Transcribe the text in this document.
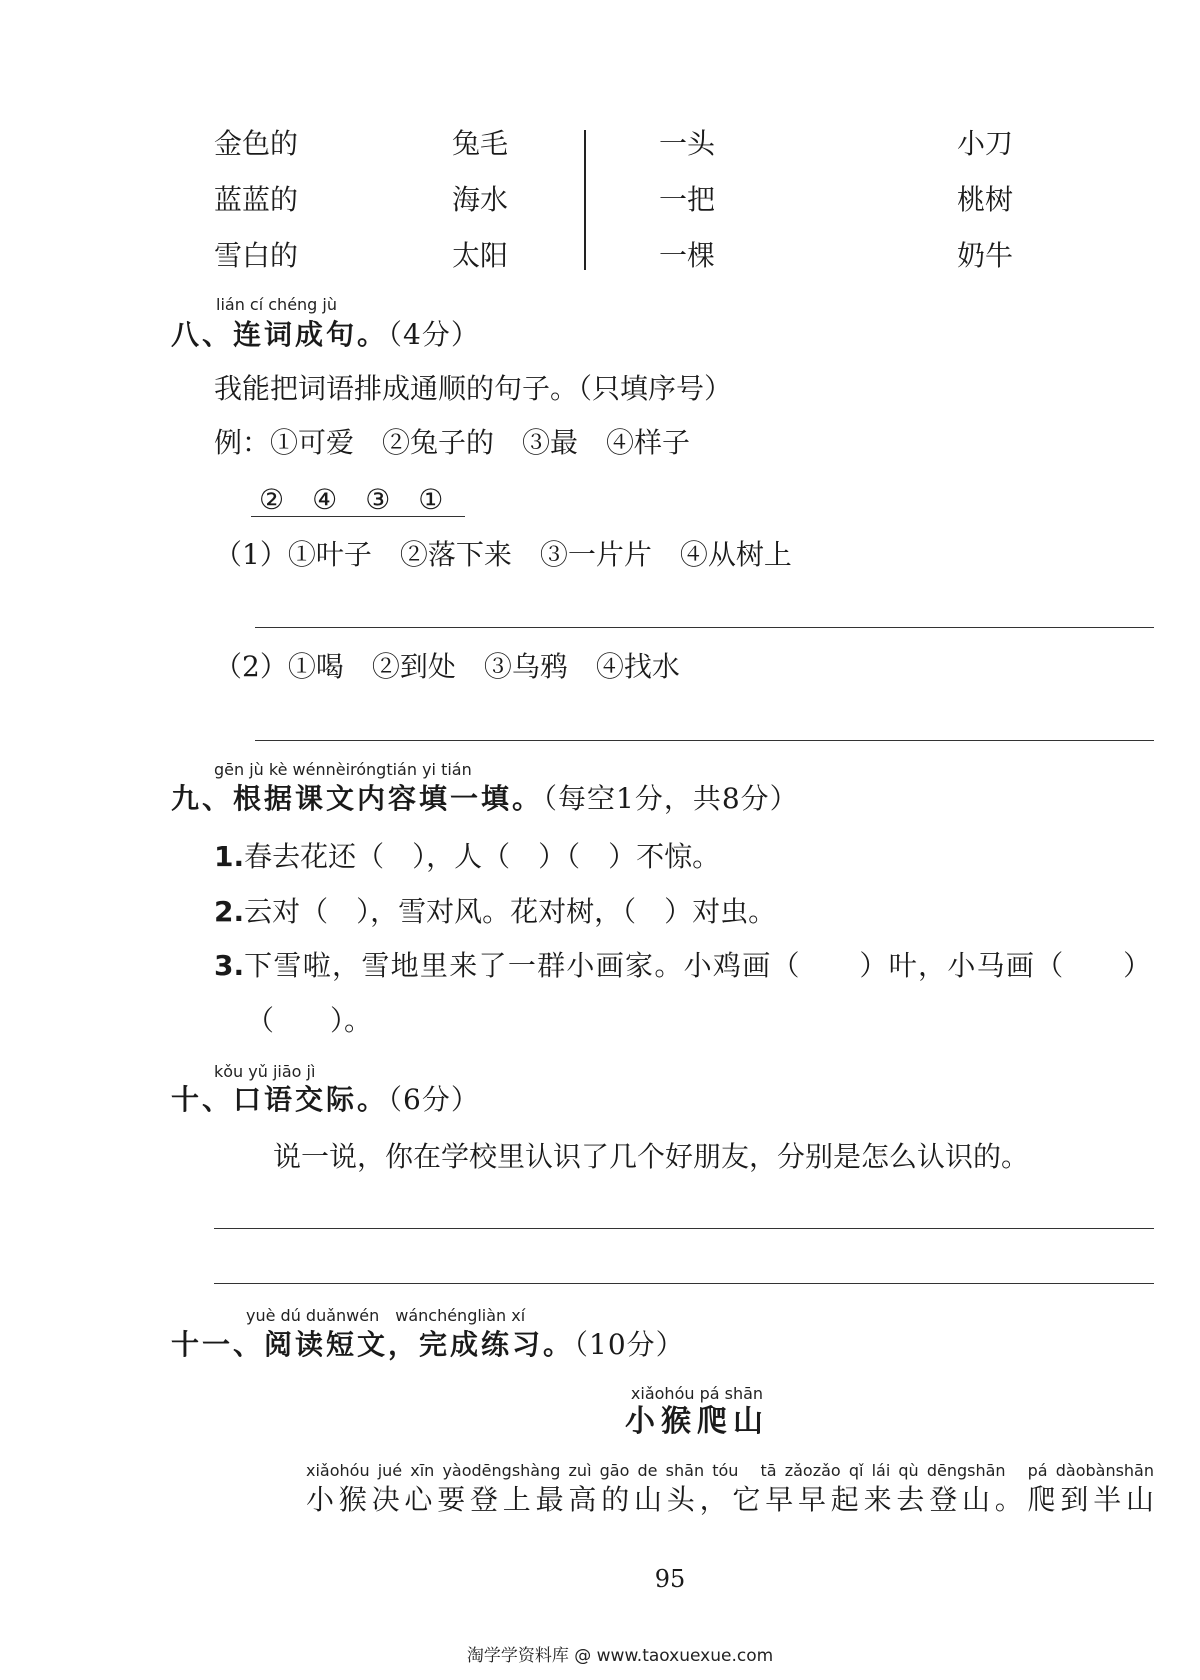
金色的
蓝蓝的
雪白的
兔毛
海水
太阳
一头
一把
一棵
小刀
桃树
奶牛
lián cí chéng jù
八、连词成句。（4分）
我能把词语排成通顺的句子。（只填序号）
例：①可爱　②兔子的　③最　④样子
②　④　③　①
（1）①叶子　②落下来　③一片片　④从树上
（2）①喝　②到处　③乌鸦　④找水
gēn jù kè wénnèiróngtián yi tián
九、根据课文内容填一填。（每空1分，共8分）
1.春去花还（　），人（　）（　）不惊。
2.云对（　），雪对风。花对树，（　）对虫。
3.下雪啦，雪地里来了一群小画家。小鸡画（　　）叶，小马画（　　）
（　　）。
kǒu yǔ jiāo jì
十、口语交际。（6分）
说一说，你在学校里认识了几个好朋友，分别是怎么认识的。
yuè dú duǎnwén　wánchéngliàn xí
十一、阅读短文，完成练习。（10分）
xiǎohóu pá shān
小猴爬山
xiǎohóu jué xīn yàodēngshàng zuì gāo de shān tóu　tā zǎozǎo qǐ lái qù dēngshān　pá dàobànshān
小猴决心要登上最高的山头，它早早起来去登山。爬到半山
95
淘学学资料库 @ www.taoxuexue.com
